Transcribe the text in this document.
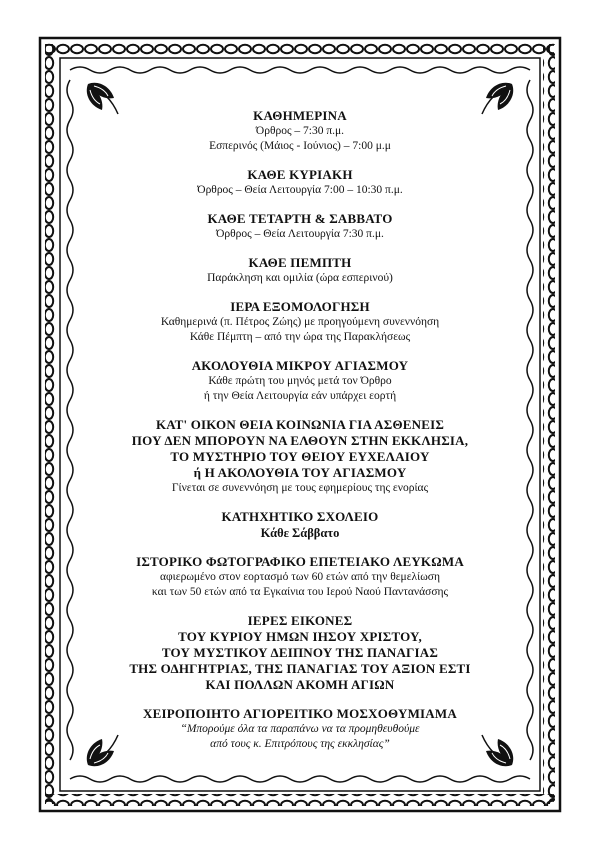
ΚΑΘΗΜΕΡΙΝΑ
Όρθρος – 7:30 π.μ.
Εσπερινός (Μάιος - Ιούνιος) – 7:00 μ.μ
ΚΑΘΕ ΚΥΡΙΑΚΗ
Όρθρος – Θεία Λειτουργία 7:00 – 10:30 π.μ.
ΚΑΘΕ ΤΕΤΑΡΤΗ & ΣΑΒΒΑΤΟ
Όρθρος – Θεία Λειτουργία 7:30 π.μ.
ΚΑΘΕ ΠΕΜΠΤΗ
Παράκληση και ομιλία (ώρα εσπερινού)
ΙΕΡΑ ΕΞΟΜΟΛΟΓΗΣΗ
Καθημερινά (π. Πέτρος Ζώης) με προηγούμενη συνεννόηση
Κάθε Πέμπτη – από την ώρα της Παρακλήσεως
ΑΚΟΛΟΥΘΙΑ ΜΙΚΡΟΥ ΑΓΙΑΣΜΟΥ
Κάθε πρώτη του μηνός μετά τον Όρθρο
ή την Θεία Λειτουργία εάν υπάρχει εορτή
ΚΑΤ' ΟΙΚΟΝ ΘΕΙΑ ΚΟΙΝΩΝΙΑ ΓΙΑ ΑΣΘΕΝΕΙΣ
ΠΟΥ ΔΕΝ ΜΠΟΡΟΥΝ ΝΑ ΕΛΘΟΥΝ ΣΤΗΝ ΕΚΚΛΗΣΙΑ,
ΤΟ ΜΥΣΤΗΡΙΟ ΤΟΥ ΘΕΙΟΥ ΕΥΧΕΛΑΙΟΥ
ή Η ΑΚΟΛΟΥΘΙΑ ΤΟΥ ΑΓΙΑΣΜΟΥ
Γίνεται σε συνεννόηση με τους εφημερίους της ενορίας
ΚΑΤΗΧΗΤΙΚΟ ΣΧΟΛΕΙΟ
Κάθε Σάββατο
ΙΣΤΟΡΙΚΟ ΦΩΤΟΓΡΑΦΙΚΟ ΕΠΕΤΕΙΑΚΟ ΛΕΥΚΩΜΑ
αφιερωμένο στον εορτασμό των 60 ετών από την θεμελίωση
και των 50 ετών από τα Εγκαίνια του Ιερού Ναού Παντανάσσης
ΙΕΡΕΣ ΕΙΚΟΝΕΣ
ΤΟΥ ΚΥΡΙΟΥ ΗΜΩΝ ΙΗΣΟΥ ΧΡΙΣΤΟΥ,
ΤΟΥ ΜΥΣΤΙΚΟΥ ΔΕΙΠΝΟΥ ΤΗΣ ΠΑΝΑΓΙΑΣ
ΤΗΣ ΟΔΗΓΗΤΡΙΑΣ, ΤΗΣ ΠΑΝΑΓΙΑΣ ΤΟΥ ΑΞΙΟΝ ΕΣΤΙ
ΚΑΙ ΠΟΛΛΩΝ ΑΚΟΜΗ ΑΓΙΩΝ
ΧΕΙΡΟΠΟΙΗΤΟ ΑΓΙΟΡΕΙΤΙΚΟ ΜΟΣΧΟΘΥΜΙΑΜΑ
“Μπορούμε όλα τα παραπάνω να τα προμηθευθούμε
από τους κ. Επιτρόπους της εκκλησίας”
